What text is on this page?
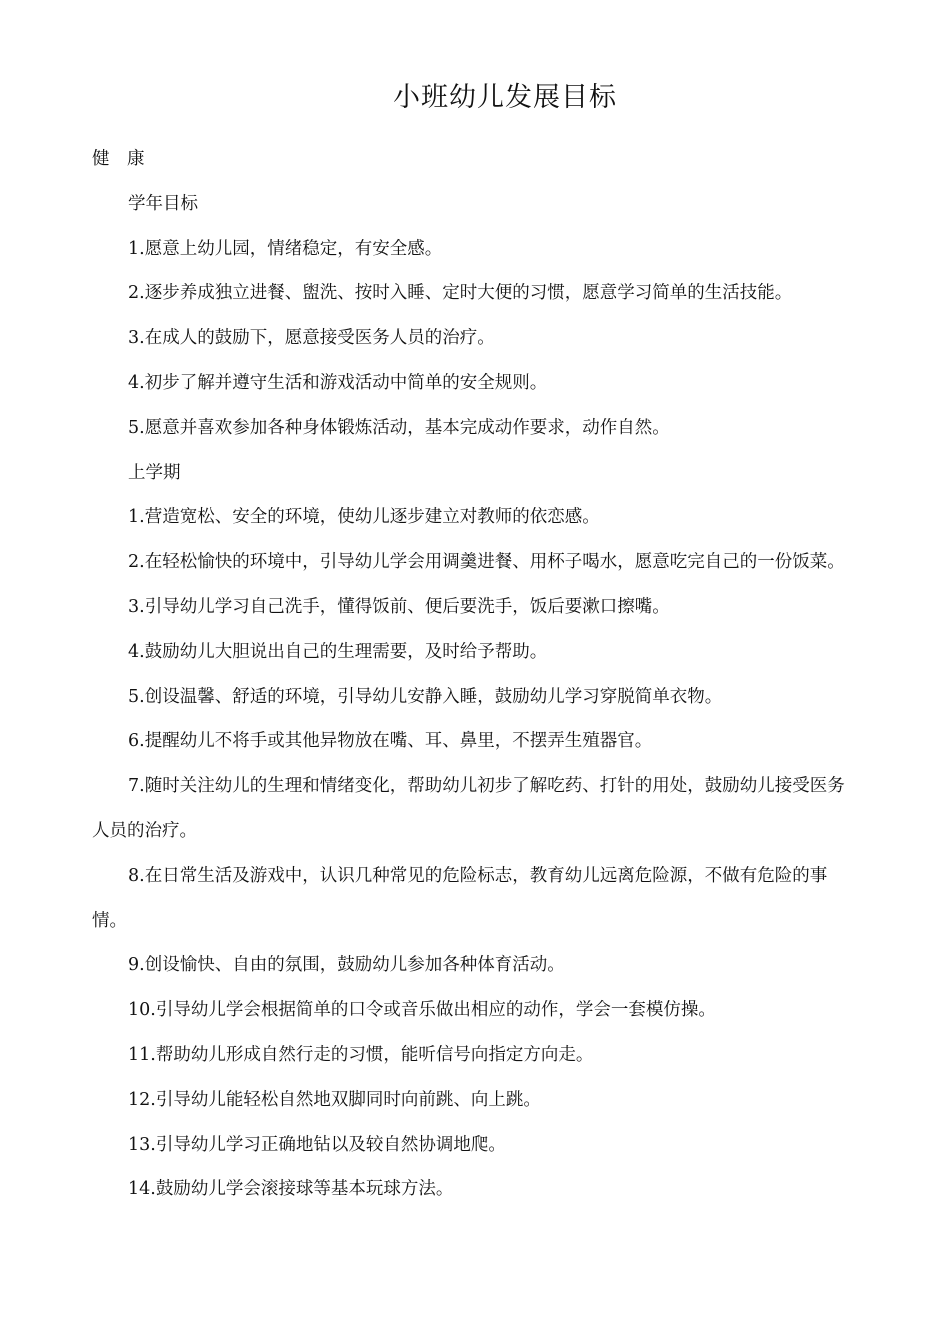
小班幼儿发展目标

健　康

学年目标

1.愿意上幼儿园，情绪稳定，有安全感。

2.逐步养成独立进餐、盥洗、按时入睡、定时大便的习惯，愿意学习简单的生活技能。

3.在成人的鼓励下，愿意接受医务人员的治疗。

4.初步了解并遵守生活和游戏活动中简单的安全规则。

5.愿意并喜欢参加各种身体锻炼活动，基本完成动作要求，动作自然。

上学期

1.营造宽松、安全的环境，使幼儿逐步建立对教师的依恋感。

2.在轻松愉快的环境中，引导幼儿学会用调羹进餐、用杯子喝水，愿意吃完自己的一份饭菜。

3.引导幼儿学习自己洗手，懂得饭前、便后要洗手，饭后要漱口擦嘴。

4.鼓励幼儿大胆说出自己的生理需要，及时给予帮助。

5.创设温馨、舒适的环境，引导幼儿安静入睡，鼓励幼儿学习穿脱简单衣物。

6.提醒幼儿不将手或其他异物放在嘴、耳、鼻里，不摆弄生殖器官。

7.随时关注幼儿的生理和情绪变化，帮助幼儿初步了解吃药、打针的用处，鼓励幼儿接受医务人员的治疗。

8.在日常生活及游戏中，认识几种常见的危险标志，教育幼儿远离危险源，不做有危险的事情。

9.创设愉快、自由的氛围，鼓励幼儿参加各种体育活动。

10.引导幼儿学会根据简单的口令或音乐做出相应的动作，学会一套模仿操。

11.帮助幼儿形成自然行走的习惯，能听信号向指定方向走。

12.引导幼儿能轻松自然地双脚同时向前跳、向上跳。

13.引导幼儿学习正确地钻以及较自然协调地爬。

14.鼓励幼儿学会滚接球等基本玩球方法。
